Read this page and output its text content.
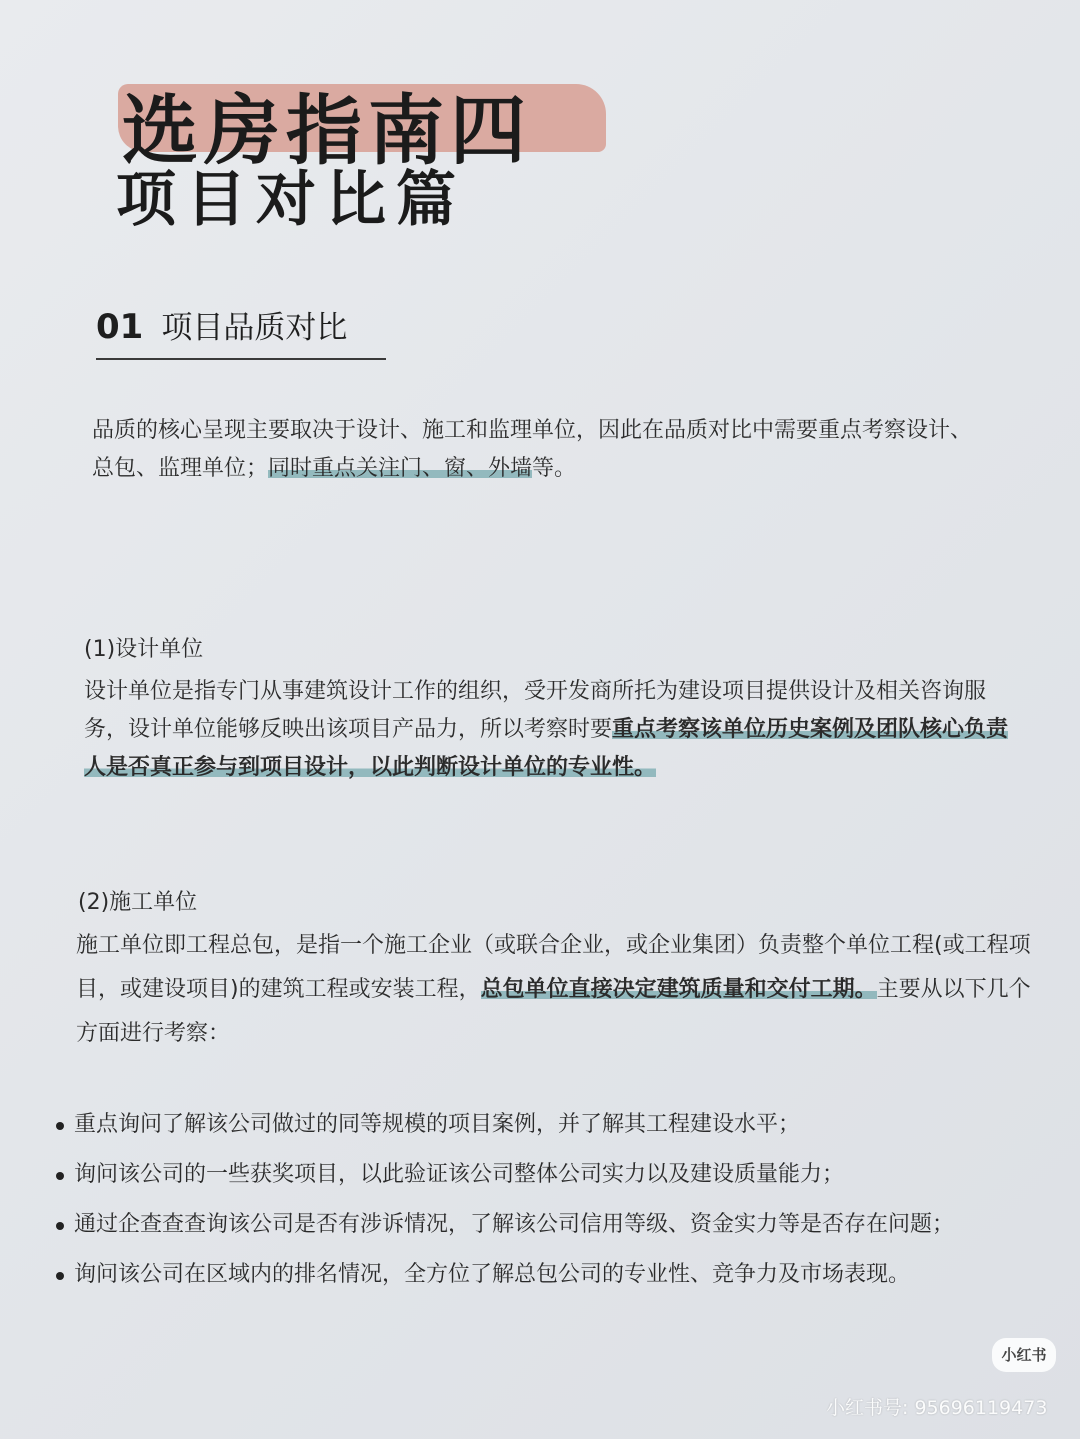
选房指南四
项目对比篇
01 项目品质对比

品质的核心呈现主要取决于设计、施工和监理单位，因此在品质对比中需要重点考察设计、总包、监理单位；同时重点关注门、窗、外墙等。

(1)设计单位

设计单位是指专门从事建筑设计工作的组织，受开发商所托为建设项目提供设计及相关咨询服务，设计单位能够反映出该项目产品力，所以考察时要重点考察该单位历史案例及团队核心负责人是否真正参与到项目设计，以此判断设计单位的专业性。

(2)施工单位

施工单位即工程总包，是指一个施工企业（或联合企业，或企业集团）负责整个单位工程(或工程项目，或建设项目)的建筑工程或安装工程，总包单位直接决定建筑质量和交付工期。主要从以下几个方面进行考察：

重点询问了解该公司做过的同等规模的项目案例，并了解其工程建设水平；
询问该公司的一些获奖项目，以此验证该公司整体公司实力以及建设质量能力；
通过企查查查询该公司是否有涉诉情况，了解该公司信用等级、资金实力等是否存在问题；
询问该公司在区域内的排名情况，全方位了解总包公司的专业性、竞争力及市场表现。
小红书
小红书号: 95696119473
